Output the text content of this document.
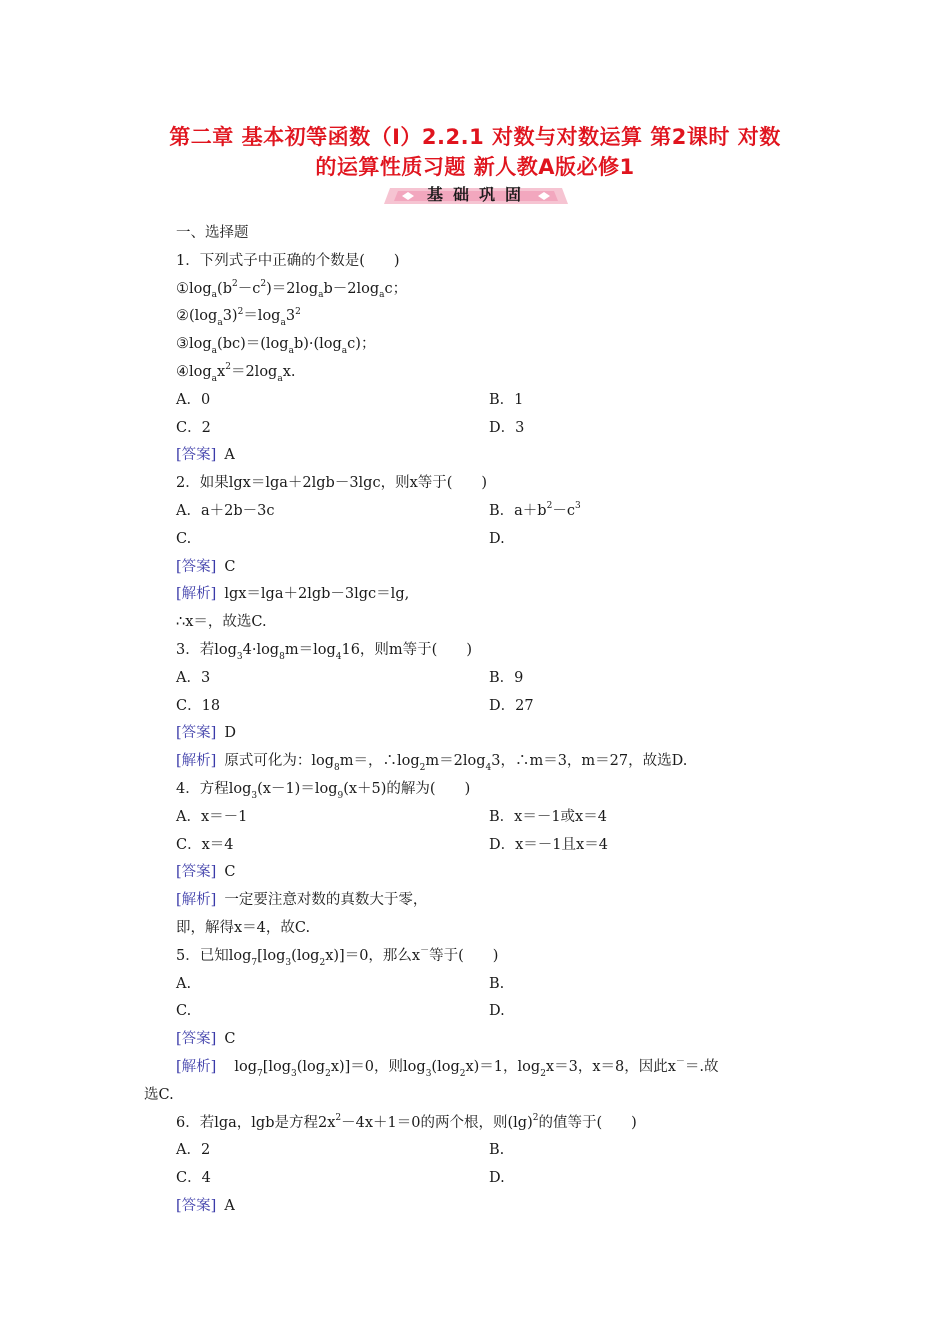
第二章 基本初等函数（Ⅰ）2.2.1 对数与对数运算 第2课时 对数
的运算性质习题 新人教A版必修1
基础巩固
一、选择题
1．下列式子中正确的个数是(　　)
$①\log_a(b^2-c^2)=2\log_ab-2\log_ac$；
$②(\log_a3)^2=\log_a3^2$
$③\log_a(bc)=(\log_ab)\cdot(\log_ac)$；
$④\log_ax^2=2\log_ax$.
A．0	B．1
C．2	D．3
[答案] A
2．如果lgx＝lga＋2lgb－3lgc，则x等于(　　)
A．a＋2b－3c	B．$a+b^2-c^3$
C.	D.
[答案] C
[解析] lgx＝lga＋2lgb－3lgc＝lg,
∴x＝，故选C.
3．若$\log_34\cdot\log_8m=\log_416$，则m等于(　　)
A．3	B．9
C．18	D．27
[答案] D
[解析] 原式可化为：$\log_8m=$，$\therefore\log_2m=2\log_43$，∴m＝3，m＝27，故选D.
4．方程$\log_3(x-1)=\log_9(x+5)$的解为(　　)
A．x＝－1	B．x＝－1或x＝4
C．x＝4	D．x＝－1且x＝4
[答案] C
[解析] 一定要注意对数的真数大于零，
即，解得x＝4，故C.
5．已知$\log_7[\log_3(\log_2x)]=0$，那么x－等于(　　)
A.	B.
C.	D.
[答案] C
[解析] $\log_7[\log_3(\log_2x)]=0$，则$\log_3(\log_2x)=1$，$\log_2x=3$，x＝8，因此x－＝.故
选C.
6．若lga，lgb是方程$2x^2-4x+1=0$的两个根，则$(\lg)^2$的值等于(　　)
A．2	B.
C．4	D.
[答案] A
